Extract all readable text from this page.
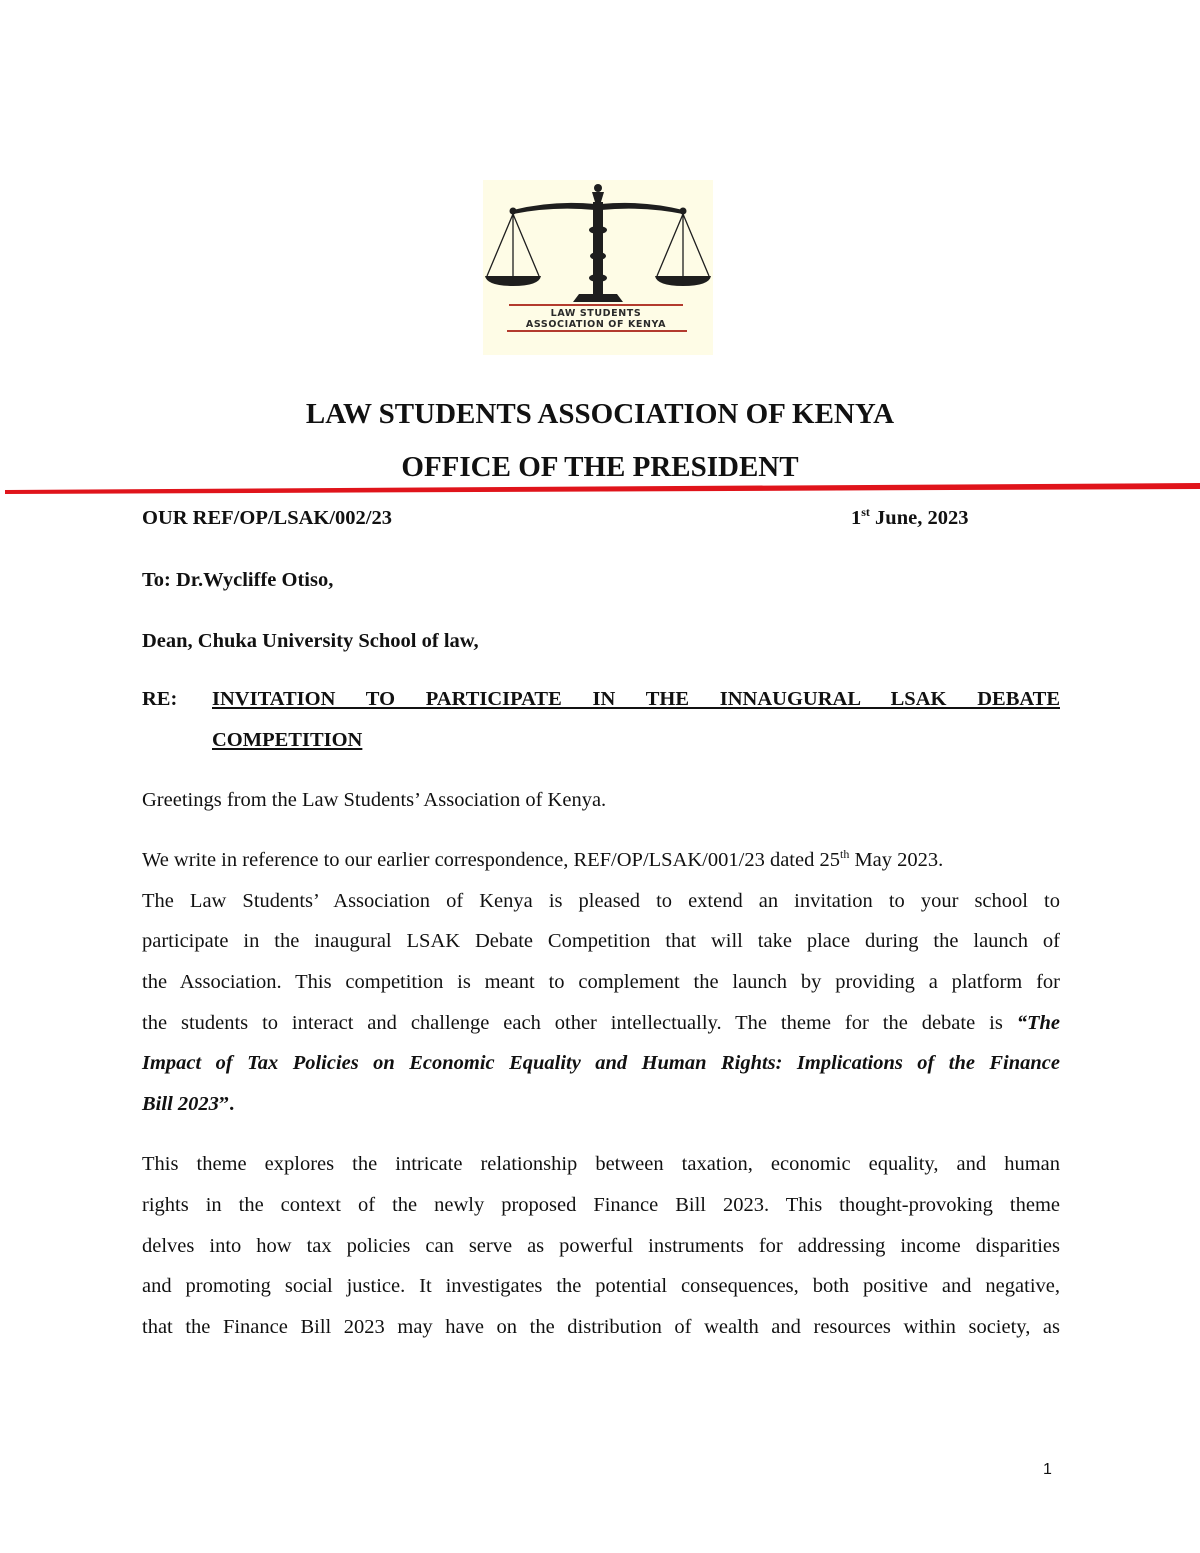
LAW STUDENTS
ASSOCIATION OF KENYA
LAW STUDENTS ASSOCIATION OF KENYA
OFFICE OF THE PRESIDENT

OUR REF/OP/LSAK/002/23	1st June, 2023

To: Dr.Wycliffe Otiso,

Dean, Chuka University School of law,

RE: INVITATION TO PARTICIPATE IN THE INNAUGURAL LSAK DEBATE
COMPETITION

Greetings from the Law Students’ Association of Kenya.

We write in reference to our earlier correspondence, REF/OP/LSAK/001/23 dated 25th May 2023.

The Law Students’ Association of Kenya is pleased to extend an invitation to your school to

participate in the inaugural LSAK Debate Competition that will take place during the launch of

the Association. This competition is meant to complement the launch by providing a platform for

the students to interact and challenge each other intellectually. The theme for the debate is “The

Impact of Tax Policies on Economic Equality and Human Rights: Implications of the Finance

Bill 2023”.

This theme explores the intricate relationship between taxation, economic equality, and human

rights in the context of the newly proposed Finance Bill 2023. This thought-provoking theme

delves into how tax policies can serve as powerful instruments for addressing income disparities

and promoting social justice. It investigates the potential consequences, both positive and negative,

that the Finance Bill 2023 may have on the distribution of wealth and resources within society, as

1
